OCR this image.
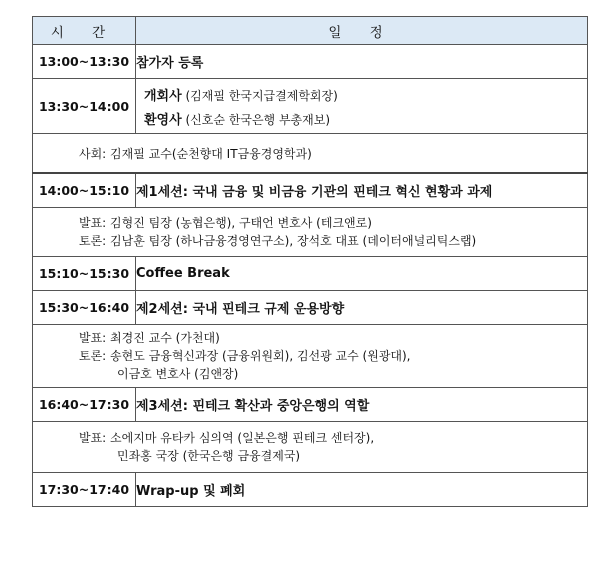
시 간	일 정
13:00~13:30	참가자 등록
13:30~14:00	개회사 (김재필 한국지급결제학회장)
환영사 (신호순 한국은행 부총재보)

사회: 김재필 교수(순천향대 IT금융경영학과)	
14:00~15:10	제1세션: 국내 금융 및 비금융 기관의 핀테크 혁신 현황과 과제

발표: 김형진 팀장 (농협은행), 구태언 변호사 (테크앤로)
토론: 김남훈 팀장 (하나금융경영연구소), 장석호 대표 (데이터애널리틱스랩)	

15:10~15:30	Coffee Break
15:30~16:40	제2세션: 국내 핀테크 규제 운용방향

발표: 최경진 교수 (가천대)
토론: 송현도 금융혁신과장 (금융위원회), 김선광 교수 (원광대),
이금호 변호사 (김앤장)	

16:40~17:30	제3세션: 핀테크 확산과 중앙은행의 역할

발표: 소에지마 유타카 심의역 (일본은행 핀테크 센터장),
민좌홍 국장 (한국은행 금융결제국)	

17:30~17:40	Wrap-up 및 폐회
